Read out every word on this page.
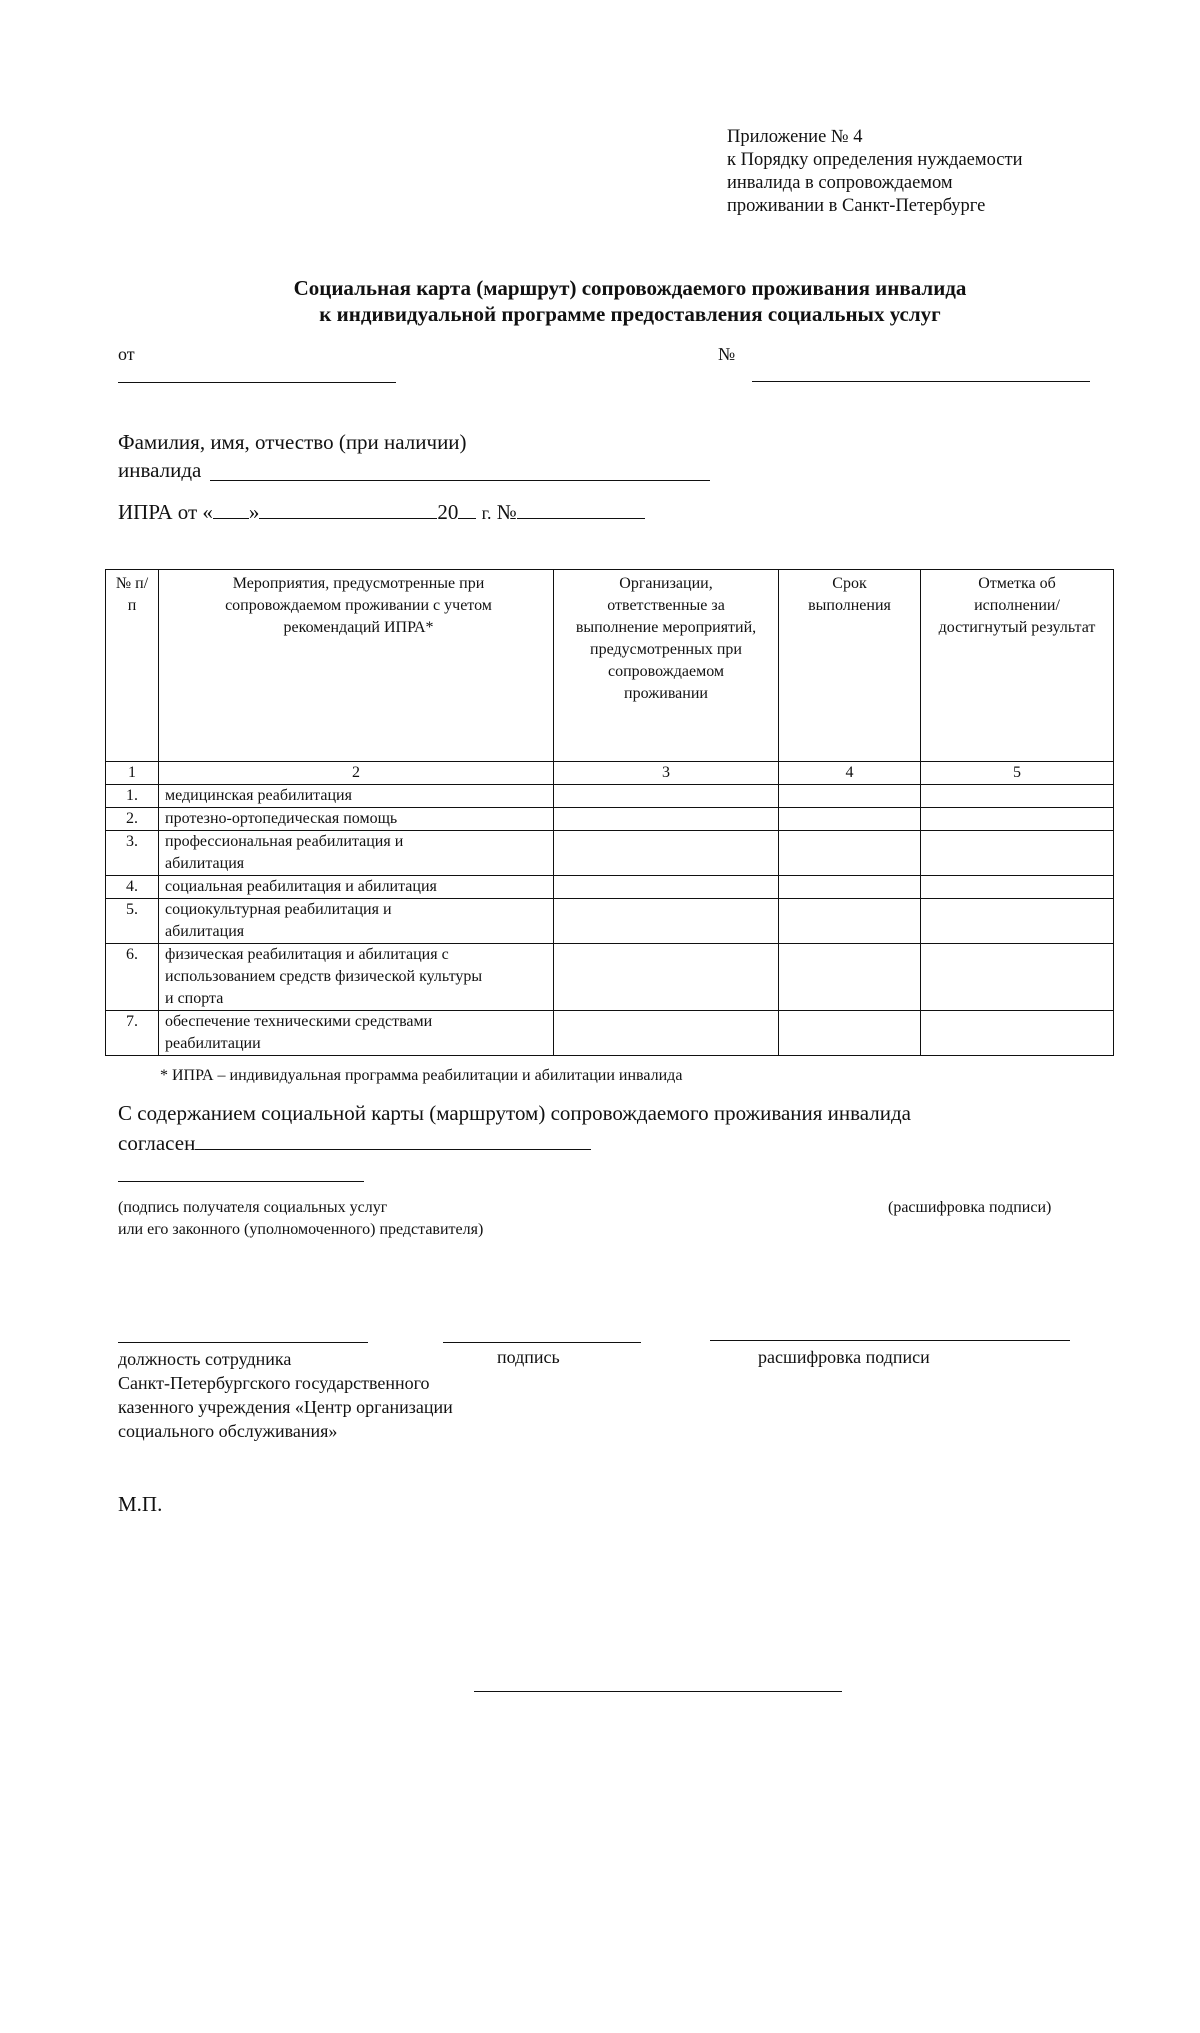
Приложение № 4
к Порядку определения нуждаемости
инвалида в сопровождаемом
проживании в Санкт-Петербурге
Социальная карта (маршрут) сопровождаемого проживания инвалида
к индивидуальной программе предоставления социальных услуг
от	№
Фамилия, имя, отчество (при наличии)
инвалида
ИПРА от « »	20 г. №
№ п/п	Мероприятия, предусмотренные при сопровождаемом проживании с учетом рекомендаций ИПРА*	Организации, ответственные за выполнение мероприятий, предусмотренных при сопровождаемом проживании	Срок выполнения	Отметка об исполнении/ достигнутый результат
1	2	3	4	5
1.	медицинская реабилитация			
2.	протезно-ортопедическая помощь			
3.	профессиональная реабилитация и абилитация			
4.	социальная реабилитация и абилитация			
5.	социокультурная реабилитация и абилитация			
6.	физическая реабилитация и абилитация с использованием средств физической культуры и спорта			
7.	обеспечение техническими средствами реабилитации			
* ИПРА – индивидуальная программа реабилитации и абилитации инвалида
С содержанием социальной карты (маршрутом) сопровождаемого проживания инвалида
согласен
(подпись получателя социальных услуг
или его законного (уполномоченного) представителя)
(расшифровка подписи)
должность сотрудника
Санкт-Петербургского государственного
казенного учреждения «Центр организации
социального обслуживания»
подпись	расшифровка подписи
М.П.
